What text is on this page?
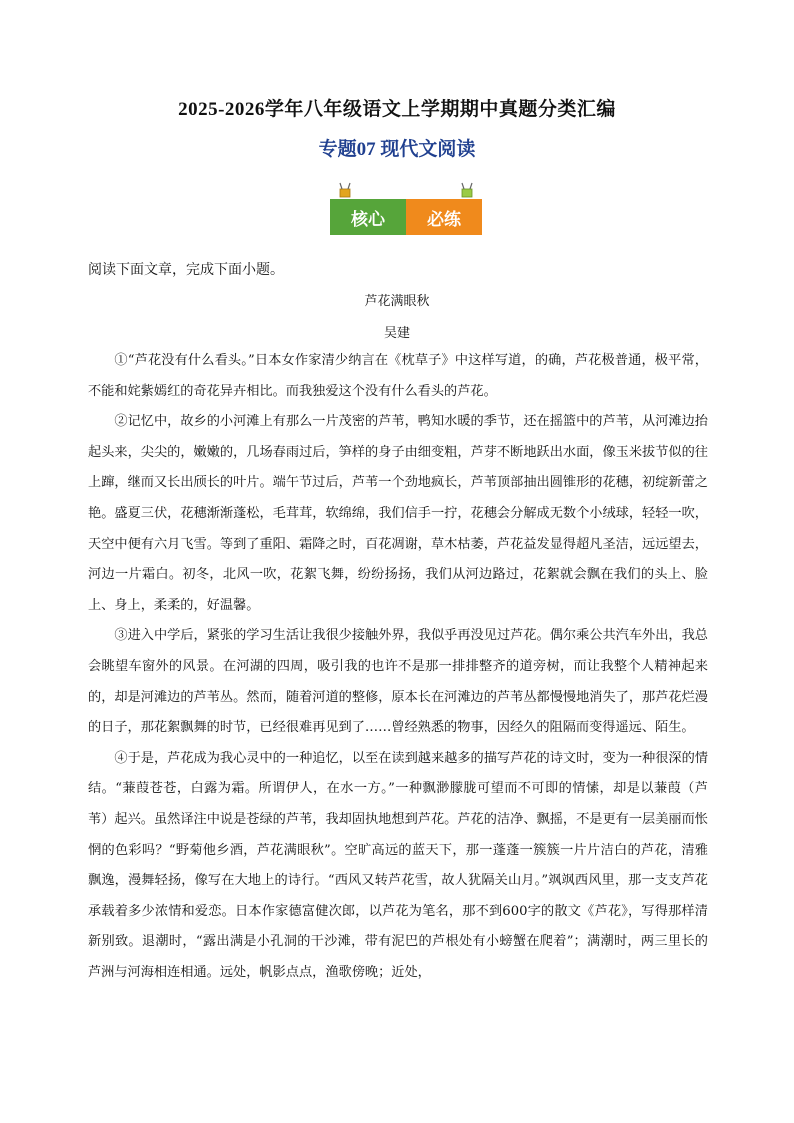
2025-2026学年八年级语文上学期期中真题分类汇编
专题07 现代文阅读
核心	必练
阅读下面文章，完成下面小题。
芦花满眼秋
吴建

①“芦花没有什么看头。”日本女作家清少纳言在《枕草子》中这样写道，的确，芦花极普通，极平常，不能和姹紫嫣红的奇花异卉相比。而我独爱这个没有什么看头的芦花。

②记忆中，故乡的小河滩上有那么一片茂密的芦苇，鸭知水暖的季节，还在摇篮中的芦苇，从河滩边抬起头来，尖尖的，嫩嫩的，几场春雨过后，笋样的身子由细变粗，芦芽不断地跃出水面，像玉米拔节似的往上蹿，继而又长出颀长的叶片。端午节过后，芦苇一个劲地疯长，芦苇顶部抽出圆锥形的花穗，初绽新蕾之艳。盛夏三伏，花穗渐渐蓬松，毛茸茸，软绵绵，我们信手一拧，花穗会分解成无数个小绒球，轻轻一吹，天空中便有六月飞雪。等到了重阳、霜降之时，百花凋谢，草木枯萎，芦花益发显得超凡圣洁，远远望去，河边一片霜白。初冬，北风一吹，花絮飞舞，纷纷扬扬，我们从河边路过，花絮就会飘在我们的头上、脸上、身上，柔柔的，好温馨。

③进入中学后，紧张的学习生活让我很少接触外界，我似乎再没见过芦花。偶尔乘公共汽车外出，我总会眺望车窗外的风景。在河湖的四周，吸引我的也许不是那一排排整齐的道旁树，而让我整个人精神起来的，却是河滩边的芦苇丛。然而，随着河道的整修，原本长在河滩边的芦苇丛都慢慢地消失了，那芦花烂漫的日子，那花絮飘舞的时节，已经很难再见到了……曾经熟悉的物事，因经久的阻隔而变得遥远、陌生。

④于是，芦花成为我心灵中的一种追忆，以至在读到越来越多的描写芦花的诗文时，变为一种很深的情结。“蒹葭苍苍，白露为霜。所谓伊人，在水一方。”一种飘渺朦胧可望而不可即的情愫，却是以蒹葭（芦苇）起兴。虽然译注中说是苍绿的芦苇，我却固执地想到芦花。芦花的洁净、飘摇，不是更有一层美丽而怅惘的色彩吗？“野菊他乡酒，芦花满眼秋”。空旷高远的蓝天下，那一蓬蓬一簇簇一片片洁白的芦花，清雅飘逸，漫舞轻扬，像写在大地上的诗行。“西风又转芦花雪，故人犹隔关山月。”飒飒西风里，那一支支芦花承载着多少浓情和爱恋。日本作家德富健次郎，以芦花为笔名，那不到600字的散文《芦花》，写得那样清新别致。退潮时，“露出满是小孔洞的干沙滩，带有泥巴的芦根处有小螃蟹在爬着”；满潮时，两三里长的芦洲与河海相连相通。远处，帆影点点，渔歌傍晚；近处，
